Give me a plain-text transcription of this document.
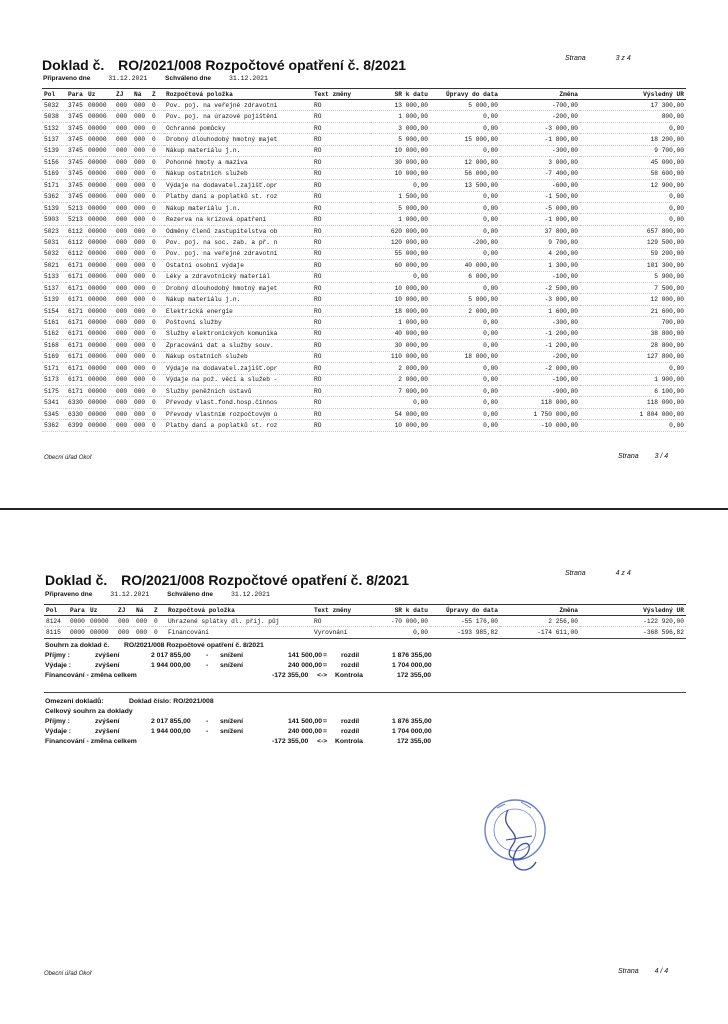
Doklad č. RO/2021/008 Rozpočtové opatření č. 8/2021	Strana	3 z 4
Připraveno dne	31.12.2021	Schváleno dne	31.12.2021
Pol	Para	Uz	ZJ	Ná	Z	Rozpočtová položka	Text změny	SR k datu	Úpravy do data	Změna	Výsledný UR
5032	3745	00000	000	000	0	Pov. poj. na veřejné zdravotní	RO	13 000,00	5 000,00	-700,00	17 300,00
5038	3745	00000	000	000	0	Pov. poj. na úrazové pojištění	RO	1 000,00	0,00	-200,00	800,00
5132	3745	00000	000	000	0	Ochranné pomůcky	RO	3 000,00	0,00	-3 000,00	0,00
5137	3745	00000	000	000	0	Drobný dlouhodobý hmotný majet	RO	5 000,00	15 000,00	-1 800,00	18 200,00
5139	3745	00000	000	000	0	Nákup materiálu j.n.	RO	10 000,00	0,00	-300,00	9 700,00
5156	3745	00000	000	000	0	Pohonné hmoty a maziva	RO	30 000,00	12 000,00	3 000,00	45 000,00
5169	3745	00000	000	000	0	Nákup ostatních služeb	RO	10 000,00	56 000,00	-7 400,00	58 600,00
5171	3745	00000	000	000	0	Výdaje na dodavatel.zajišť.opr	RO	0,00	13 500,00	-600,00	12 900,00
5362	3745	00000	000	000	0	Platby daní a poplatků st. roz	RO	1 500,00	0,00	-1 500,00	0,00
5139	5213	00000	000	000	0	Nákup materiálu j.n.	RO	5 000,00	0,00	-5 000,00	0,00
5903	5213	00000	000	000	0	Rezerva na krizová opatření	RO	1 000,00	0,00	-1 000,00	0,00
5023	6112	00000	000	000	0	Odměny členů zastupitelstva ob	RO	620 000,00	0,00	37 800,00	657 800,00
5031	6112	00000	000	000	0	Pov. poj. na soc. zab. a př. n	RO	120 000,00	-200,00	9 700,00	129 500,00
5032	6112	00000	000	000	0	Pov. poj. na veřejné zdravotní	RO	55 000,00	0,00	4 200,00	59 200,00
5021	6171	00000	000	000	0	Ostatní osobní výdaje	RO	60 000,00	40 000,00	1 300,00	101 300,00
5133	6171	00000	000	000	0	Léky a zdravotnický materiál	RO	0,00	6 000,00	-100,00	5 900,00
5137	6171	00000	000	000	0	Drobný dlouhodobý hmotný majet	RO	10 000,00	0,00	-2 500,00	7 500,00
5139	6171	00000	000	000	0	Nákup materiálu j.n.	RO	10 000,00	5 000,00	-3 000,00	12 000,00
5154	6171	00000	000	000	0	Elektrická energie	RO	18 000,00	2 000,00	1 600,00	21 600,00
5161	6171	00000	000	000	0	Poštovní služby	RO	1 000,00	0,00	-300,00	700,00
5162	6171	00000	000	000	0	Služby elektronických komunika	RO	40 000,00	0,00	-1 200,00	38 800,00
5168	6171	00000	000	000	0	Zpracování dat a služby souv.	RO	30 000,00	0,00	-1 200,00	28 800,00
5169	6171	00000	000	000	0	Nákup ostatních služeb	RO	110 000,00	18 000,00	-200,00	127 800,00
5171	6171	00000	000	000	0	Výdaje na dodavatel.zajišť.opr	RO	2 000,00	0,00	-2 000,00	0,00
5173	6171	00000	000	000	0	Výdaje na pož. věcí a služeb -	RO	2 000,00	0,00	-100,00	1 900,00
5175	6171	00000	000	000	0	Služby peněžních ústavů	RO	7 000,00	0,00	-900,00	6 100,00
5341	6330	00000	000	000	0	Převody vlast.fond.hosp.činnos	RO	0,00	0,00	118 000,00	118 000,00
5345	6330	00000	000	000	0	Převody vlastním rozpočtovým ú	RO	54 000,00	0,00	1 750 000,00	1 804 000,00
5362	6399	00000	000	000	0	Platby daní a poplatků st. roz	RO	10 000,00	0,00	-10 000,00	0,00
Obecní úřad Okoř	Strana 3 / 4
Doklad č. RO/2021/008 Rozpočtové opatření č. 8/2021	Strana	4 z 4
Připraveno dne	31.12.2021	Schváleno dne	31.12.2021
Pol	Para	Uz	ZJ	Ná	Z	Rozpočtová položka	Text změny	SR k datu	Úpravy do data	Změna	Výsledný UR
8124	0000	00000	000	000	0	Uhrazené splátky dl. přij. půj	RO	-70 000,00	-55 176,00	2 256,00	-122 920,00
8115	0000	00000	000	000	0	Financování	Vyrovnání	0,00	-193 985,82	-174 611,00	-368 596,82
Souhrn za doklad č. RO/2021/008 Rozpočtové opatření č. 8/2021
Příjmy :	zvýšení	2 017 855,00 - snížení	141 500,00 = rozdíl	1 876 355,00
Výdaje :	zvýšení	1 944 000,00 - snížení	240 000,00 = rozdíl	1 704 000,00
Financování - změna celkem	-172 355,00 <-> Kontrola	172 355,00
Omezení dokladů:	Doklad číslo: RO/2021/008
Celkový souhrn za doklady
Příjmy :	zvýšení	2 017 855,00 - snížení	141 500,00 = rozdíl	1 876 355,00
Výdaje :	zvýšení	1 944 000,00 - snížení	240 000,00 = rozdíl	1 704 000,00
Financování - změna celkem	-172 355,00 <-> Kontrola	172 355,00
Obecní úřad Okoř	Strana 4 / 4
